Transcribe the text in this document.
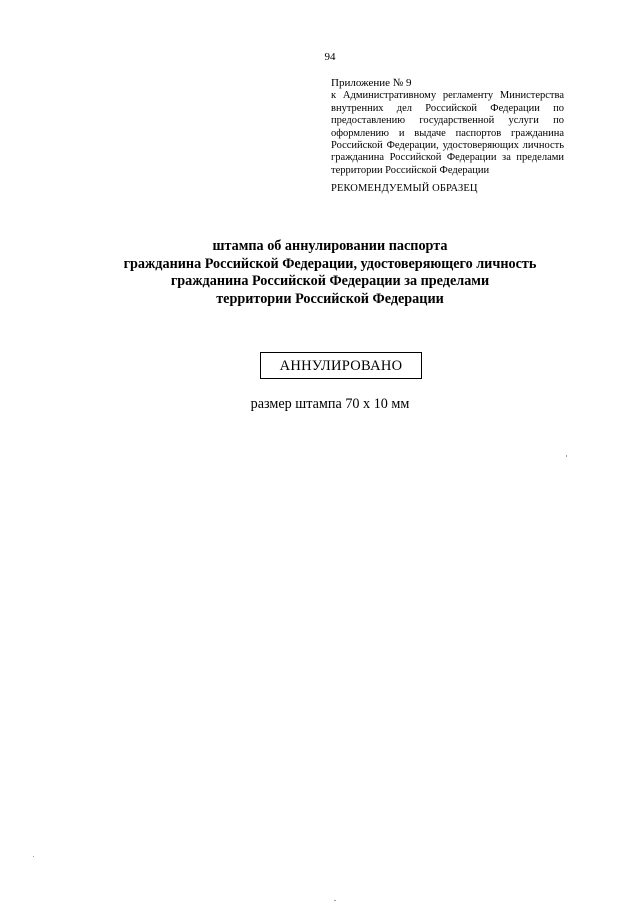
94
Приложение № 9
к Административному регламенту Министерства внутренних дел Российской Федерации по предоставлению государственной услуги по оформлению и выдаче паспортов гражданина Российской Федерации, удостоверяющих личность гражданина Российской Федерации за пределами территории Российской Федерации
РЕКОМЕНДУЕМЫЙ ОБРАЗЕЦ
штампа об аннулировании паспорта
гражданина Российской Федерации, удостоверяющего личность
гражданина Российской Федерации за пределами
территории Российской Федерации
АННУЛИРОВАНО
размер штампа 70 х 10 мм
